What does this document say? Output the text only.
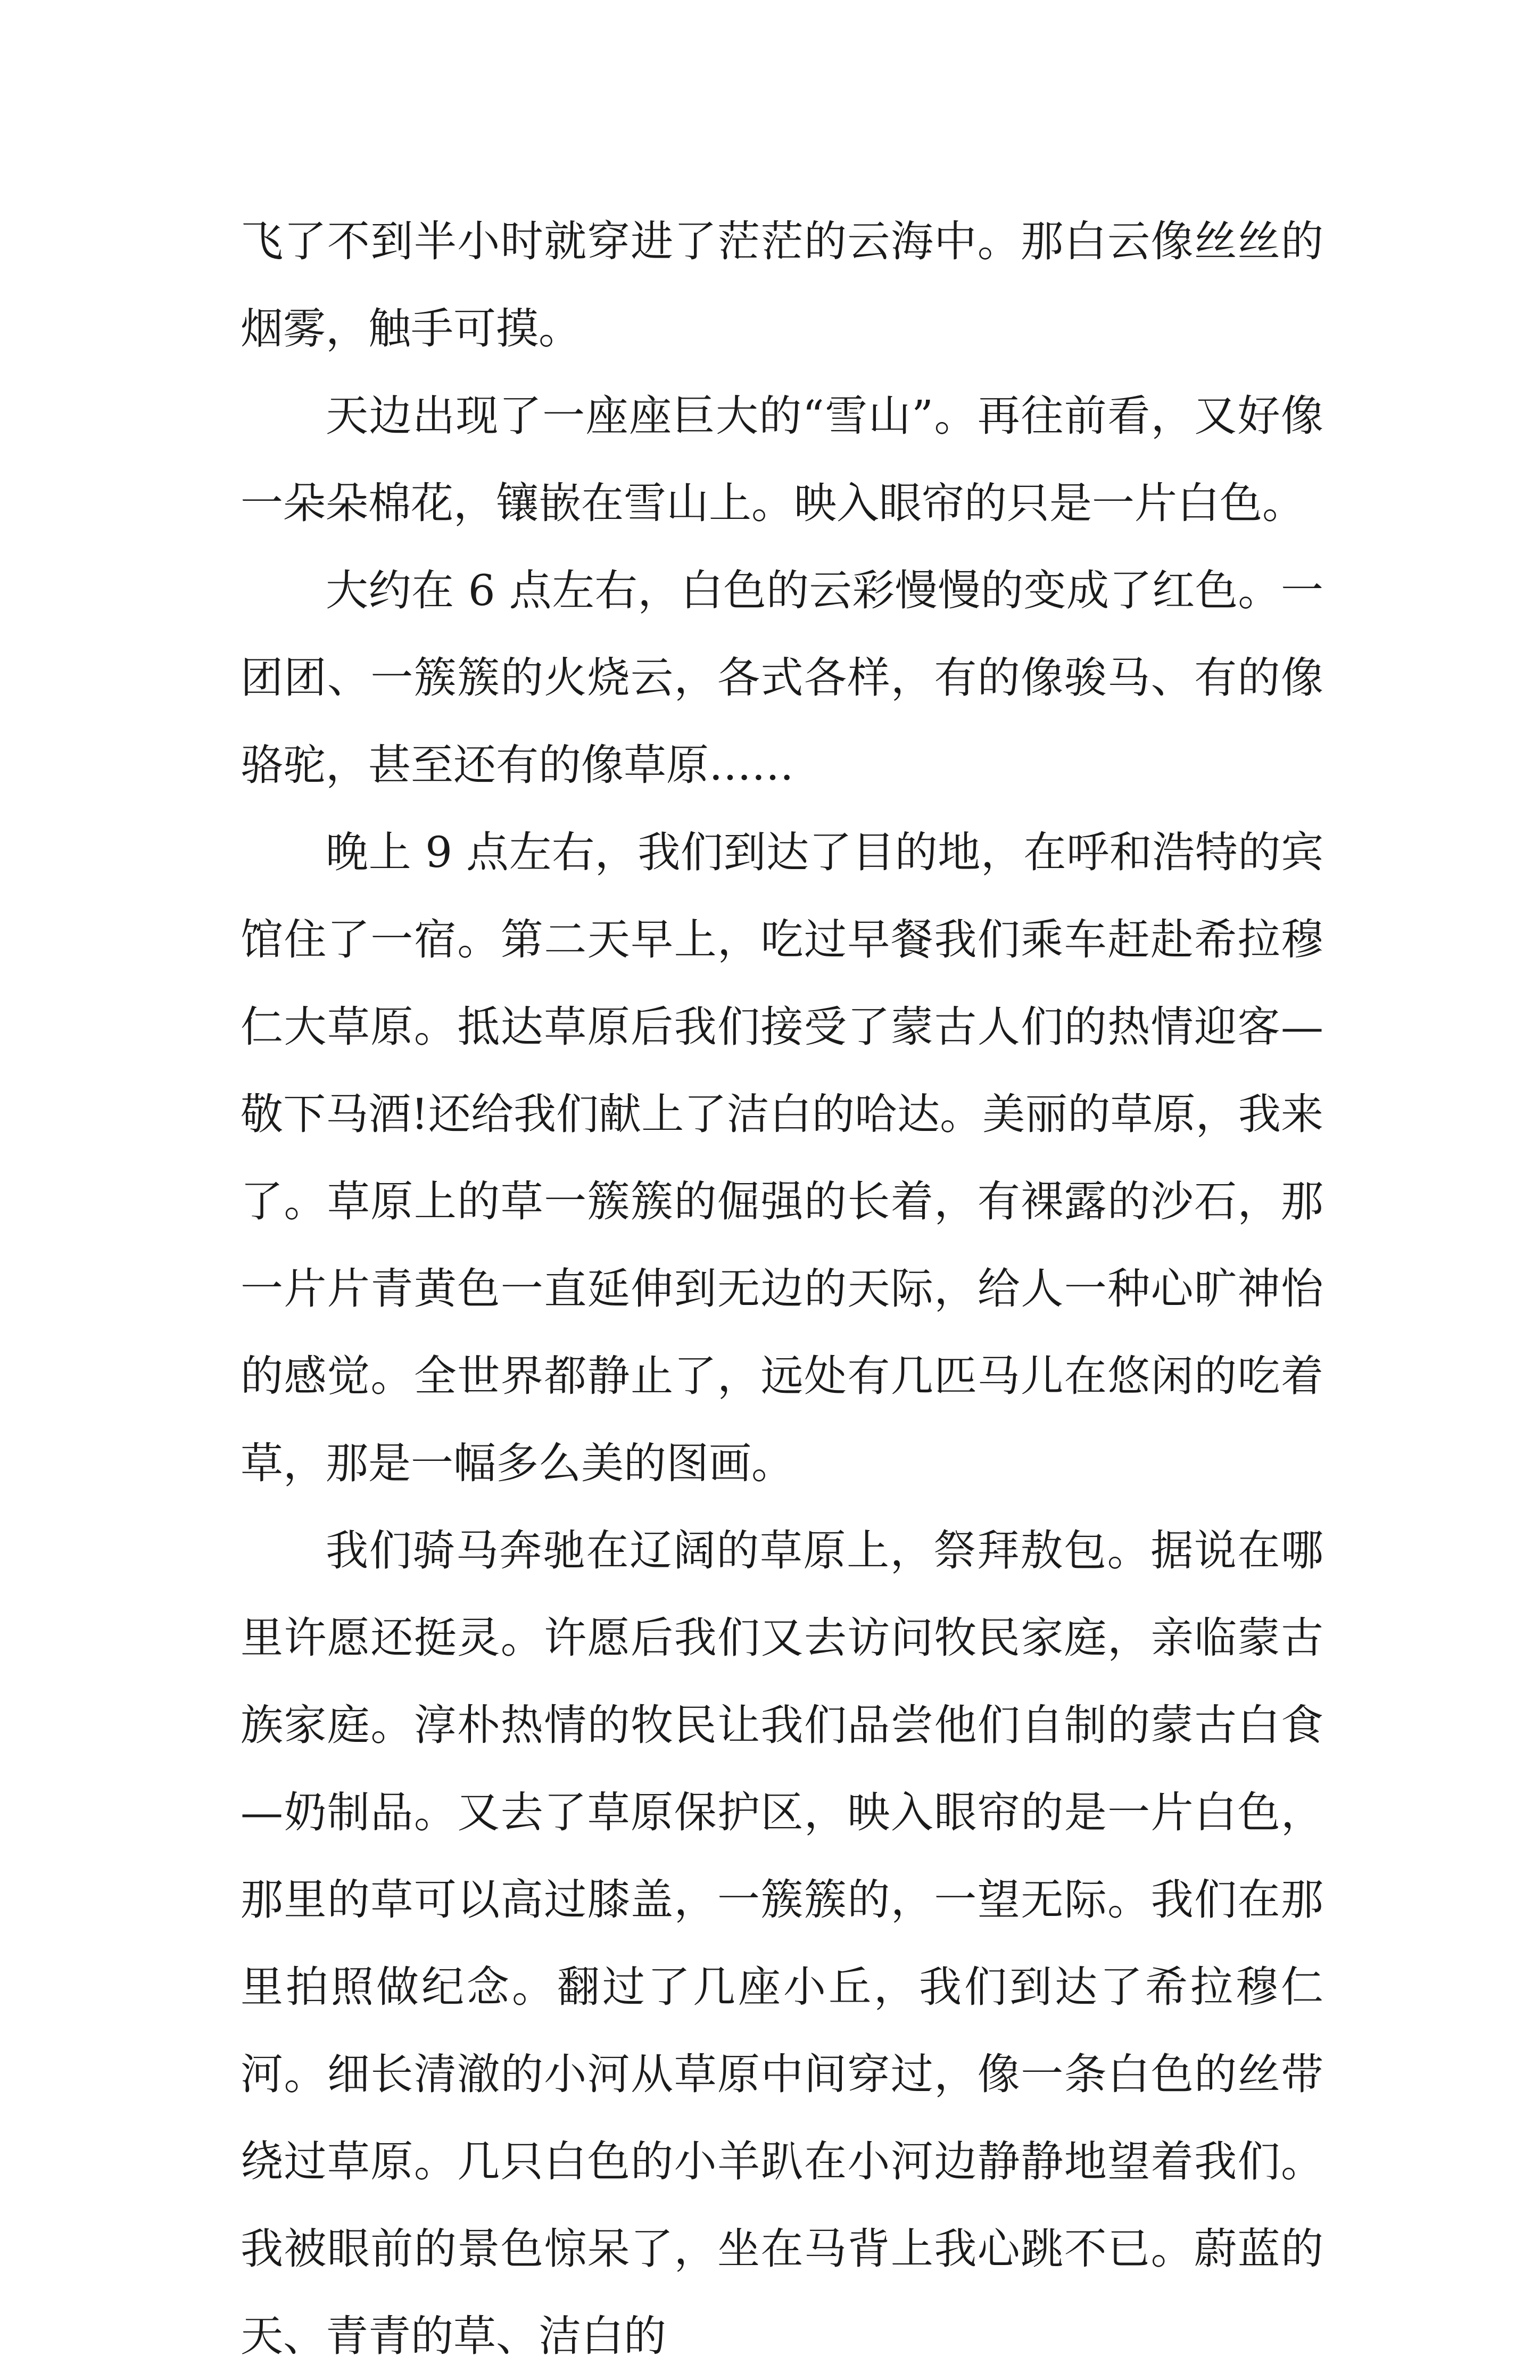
飞了不到半小时就穿进了茫茫的云海中。那白云像丝丝的烟雾，触手可摸。

天边出现了一座座巨大的“雪山”。再往前看，又好像一朵朵棉花，镶嵌在雪山上。映入眼帘的只是一片白色。

大约在 6 点左右，白色的云彩慢慢的变成了红色。一团团、一簇簇的火烧云，各式各样，有的像骏马、有的像骆驼，甚至还有的像草原……

晚上 9 点左右，我们到达了目的地，在呼和浩特的宾馆住了一宿。第二天早上，吃过早餐我们乘车赶赴希拉穆仁大草原。抵达草原后我们接受了蒙古人们的热情迎客—敬下马酒!还给我们献上了洁白的哈达。美丽的草原，我来了。草原上的草一簇簇的倔强的长着，有裸露的沙石，那一片片青黄色一直延伸到无边的天际，给人一种心旷神怡的感觉。全世界都静止了，远处有几匹马儿在悠闲的吃着草，那是一幅多么美的图画。

我们骑马奔驰在辽阔的草原上，祭拜敖包。据说在哪里许愿还挺灵。许愿后我们又去访问牧民家庭，亲临蒙古族家庭。淳朴热情的牧民让我们品尝他们自制的蒙古白食—奶制品。又去了草原保护区，映入眼帘的是一片白色，那里的草可以高过膝盖，一簇簇的，一望无际。我们在那里拍照做纪念。翻过了几座小丘，我们到达了希拉穆仁河。细长清澈的小河从草原中间穿过，像一条白色的丝带绕过草原。几只白色的小羊趴在小河边静静地望着我们。我被眼前的景色惊呆了，坐在马背上我心跳不已。蔚蓝的天、青青的草、洁白的
